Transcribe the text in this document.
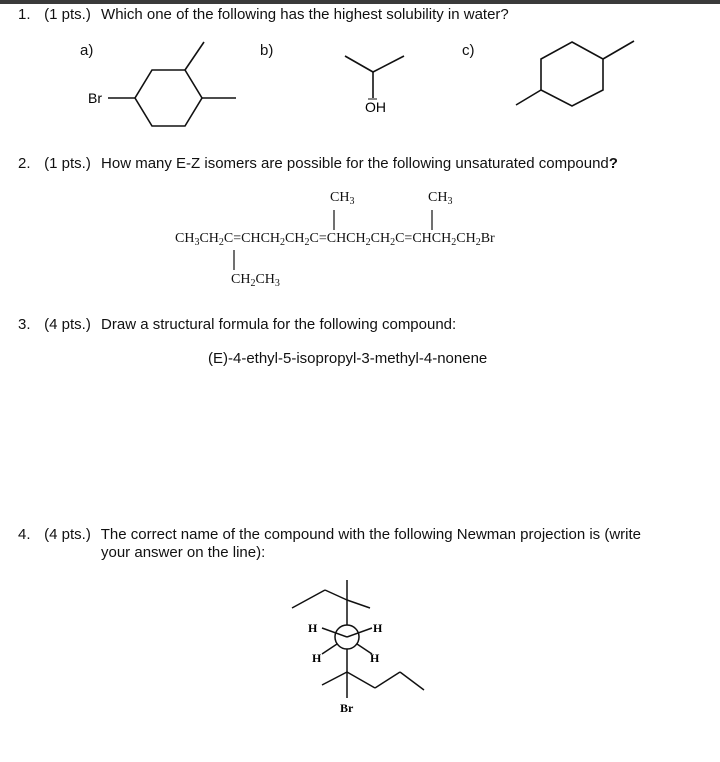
1. (1 pts.) Which one of the following has the highest solubility in water?
a)	b)	c)
Br
OH
2. (1 pts.) How many E-Z isomers are possible for the following unsaturated compound?
$CH_3$	$CH_3$
$CH_3CH_2C=CHCH_2CH_2C=CHCH_2CH_2C=CHCH_2CH_2Br$
$CH_2CH_3$
3. (4 pts.) Draw a structural formula for the following compound:
(E)-4-ethyl-5-isopropyl-3-methyl-4-nonene
4. (4 pts.) The correct name of the compound with the following Newman projection is (write
your answer on the line):
H	H
H	H
Br
